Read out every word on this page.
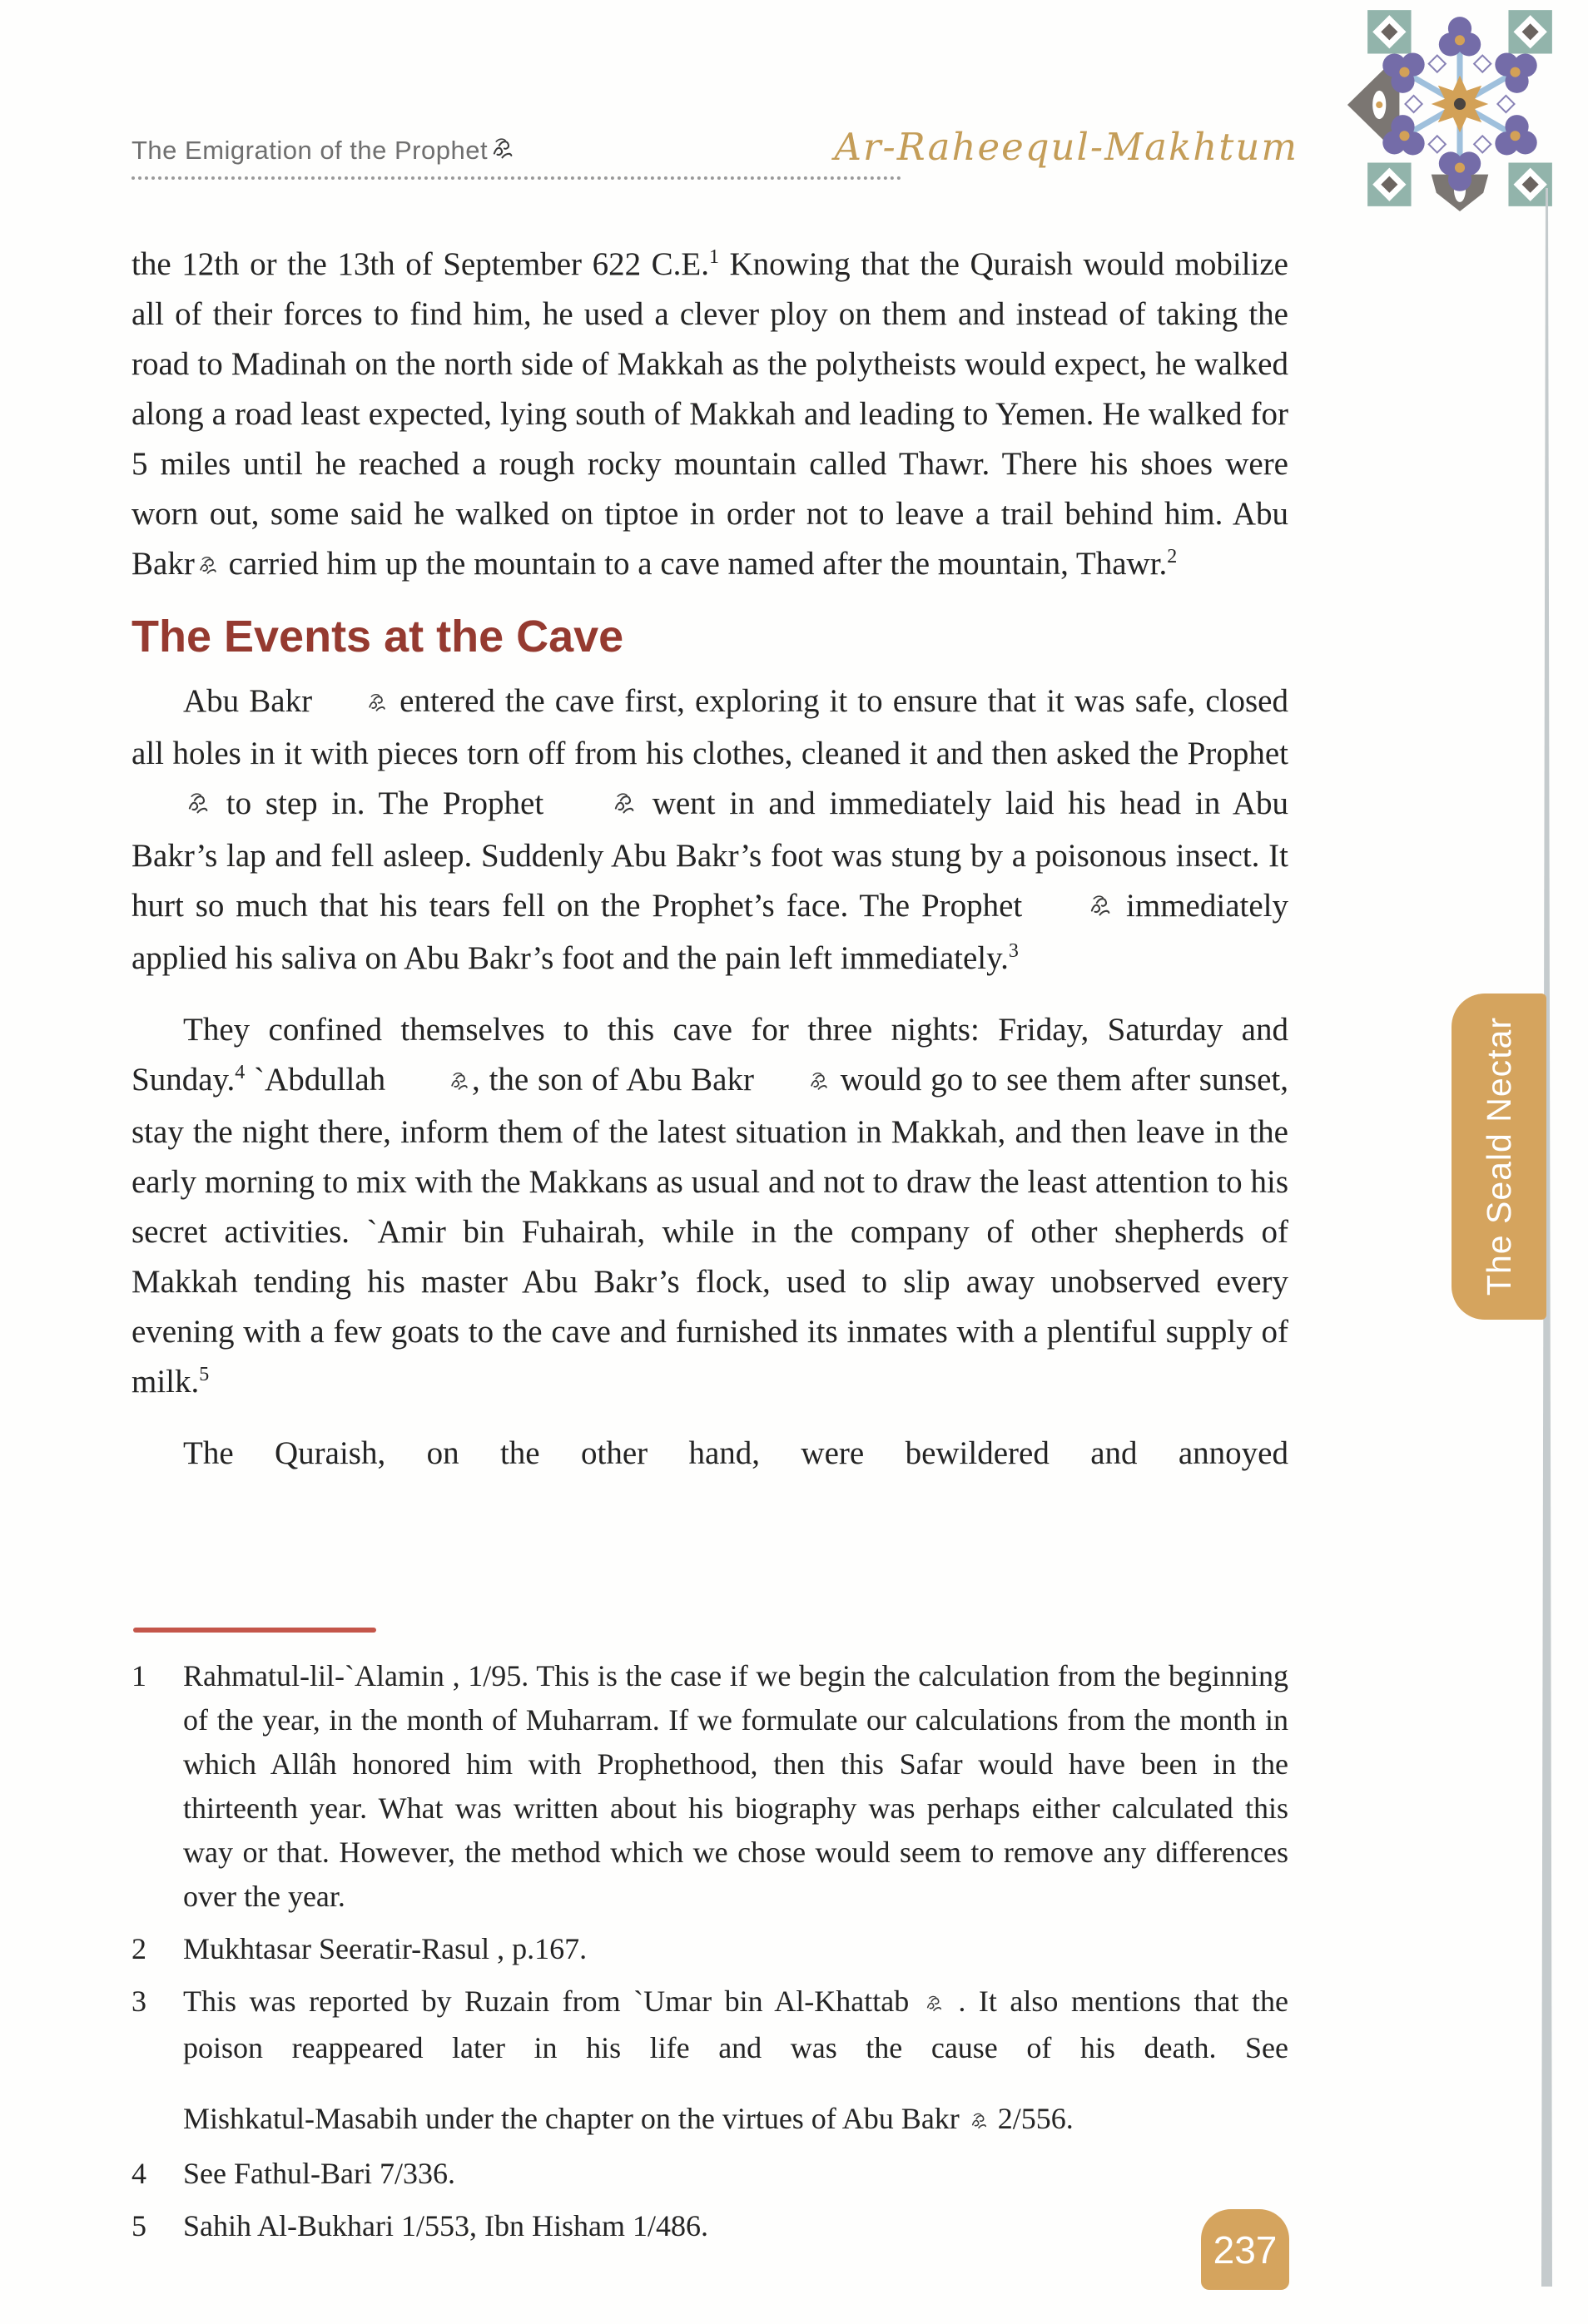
The Emigration of the Prophet	Ar-Raheequl-Makhtum

the 12th or the 13th of September 622 C.E.$^1$ Knowing that the Quraish would mobilize all of their forces to find him, he used a clever ploy on them and instead of taking the road to Madinah on the north side of Makkah as the polytheists would expect, he walked along a road least expected, lying south of Makkah and leading to Yemen. He walked for 5 miles until he reached a rough rocky mountain called Thawr. There his shoes were worn out, some said he walked on tiptoe in order not to leave a trail behind him. Abu Bakr carried him up the mountain to a cave named after the mountain, Thawr.$^2$

The Events at the Cave

Abu Bakr entered the cave first, exploring it to ensure that it was safe, closed all holes in it with pieces torn off from his clothes, cleaned it and then asked the Prophet  to step in. The Prophet  went in and immediately laid his head in Abu Bakr’s lap and fell asleep. Suddenly Abu Bakr’s foot was stung by a poisonous insect. It hurt so much that his tears fell on the Prophet’s face. The Prophet  immediately applied his saliva on Abu Bakr’s foot and the pain left immediately.$^3$

They confined themselves to this cave for three nights: Friday, Saturday and Sunday.$^4$ `Abdullah , the son of Abu Bakr would go to see them after sunset, stay the night there, inform them of the latest situation in Makkah, and then leave in the early morning to mix with the Makkans as usual and not to draw the least attention to his secret activities. `Amir bin Fuhairah, while in the company of other shepherds of Makkah tending his master Abu Bakr’s flock, used to slip away unobserved every evening with a few goats to the cave and furnished its inmates with a plentiful supply of milk.$^5$

The Quraish, on the other hand, were bewildered and annoyed

1	Rahmatul-lil-`Alamin , 1/95. This is the case if we begin the calculation from the beginning of the year, in the month of Muharram. If we formulate our calculations from the month in which Allâh honored him with Prophethood, then this Safar would have been in the thirteenth year. What was written about his biography was perhaps either calculated this way or that. However, the method which we chose would seem to remove any differences over the year.

2	Mukhtasar Seeratir-Rasul , p.167.

3	This was reported by Ruzain from `Umar bin Al-Khattab  . It also mentions that the poison reappeared later in his life and was the cause of his death. See

Mishkatul-Masabih under the chapter on the virtues of Abu Bakr  2/556.

4	See Fathul-Bari 7/336.

5	Sahih Al-Bukhari 1/553, Ibn Hisham 1/486.

The Seald Nectar
237
